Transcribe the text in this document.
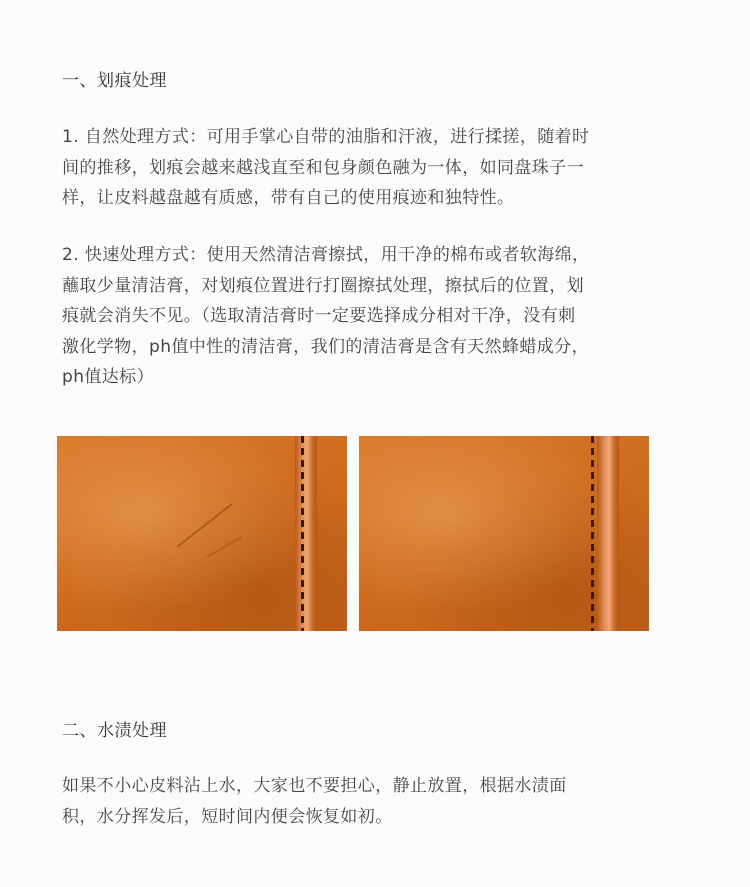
一、划痕处理

1. 自然处理方式：可用手掌心自带的油脂和汗液，进行揉搓，随着时
间的推移，划痕会越来越浅直至和包身颜色融为一体，如同盘珠子一
样，让皮料越盘越有质感，带有自己的使用痕迹和独特性。

2. 快速处理方式：使用天然清洁膏擦拭，用干净的棉布或者软海绵，
蘸取少量清洁膏，对划痕位置进行打圈擦拭处理，擦拭后的位置，划
痕就会消失不见。（选取清洁膏时一定要选择成分相对干净，没有刺
激化学物，ph值中性的清洁膏，我们的清洁膏是含有天然蜂蜡成分，
ph值达标）

二、水渍处理

如果不小心皮料沾上水，大家也不要担心，静止放置，根据水渍面
积，水分挥发后，短时间内便会恢复如初。
